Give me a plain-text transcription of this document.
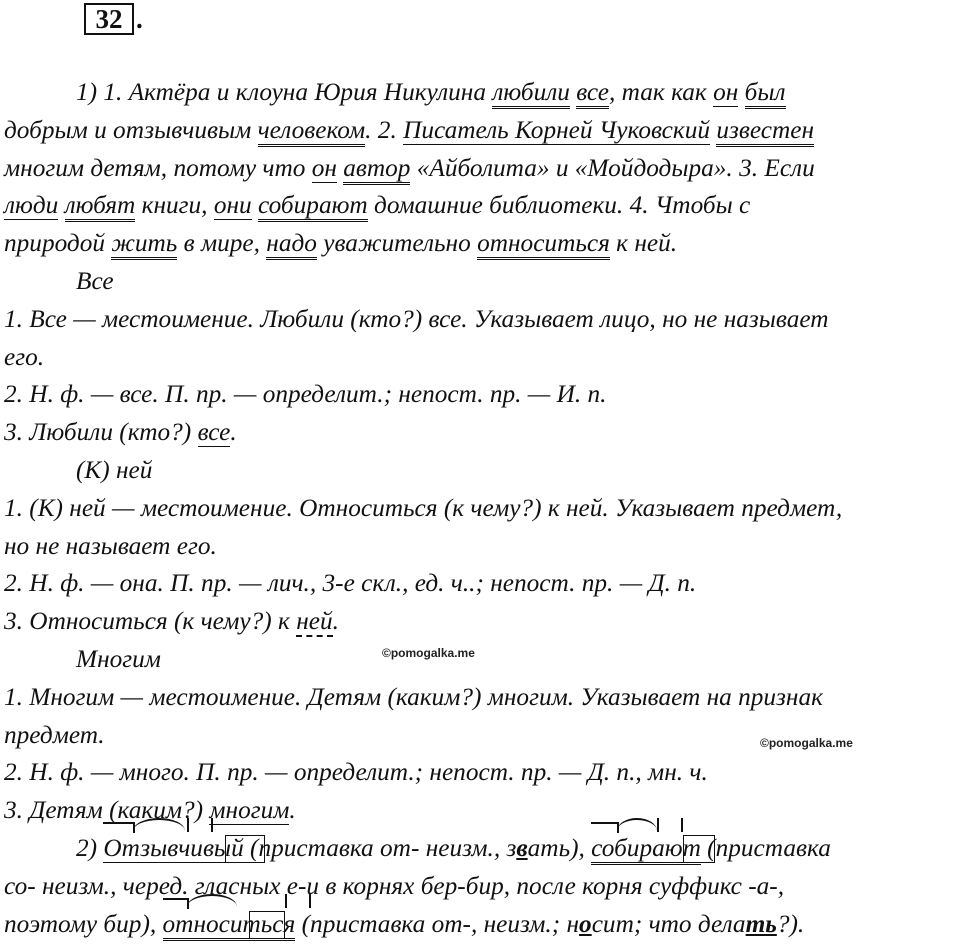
32 .
1) 1. Актёра и клоуна Юрия Никулина любили все, так как он был
добрым и отзывчивым человеком. 2. Писатель Корней Чуковский известен
многим детям, потому что он автор «Айболита» и «Мойдодыра». 3. Если
люди любят книги, они собирают домашние библиотеки. 4. Чтобы с
природой жить в мире, надо уважительно относиться к ней.
Все
1. Все — местоимение. Любили (кто?) все. Указывает лицо, но не называет
его.
2. Н. ф. — все. П. пр. — определит.; непост. пр. — И. п.
3. Любили (кто?) все.
(К) ней
1. (К) ней — местоимение. Относиться (к чему?) к ней. Указывает предмет,
но не называет его.
2. Н. ф. — она. П. пр. — лич., 3-е скл., ед. ч..; непост. пр. — Д. п.
3. Относиться (к чему?) к ней.
Многим
1. Многим — местоимение. Детям (каким?) многим. Указывает на признак
предмет.
2. Н. ф. — много. П. пр. — определит.; непост. пр. — Д. п., мн. ч.
3. Детям (каким?) многим.
2) Отзывчивый (приставка от- неизм., звать), собирают (приставка
со- неизм., черед. гласных е-и в корнях бер-бир, после корня суффикс -а-,
поэтому бир), относиться (приставка от-, неизм.; носит; что делать?).
©pomogalka.me
©pomogalka.me
